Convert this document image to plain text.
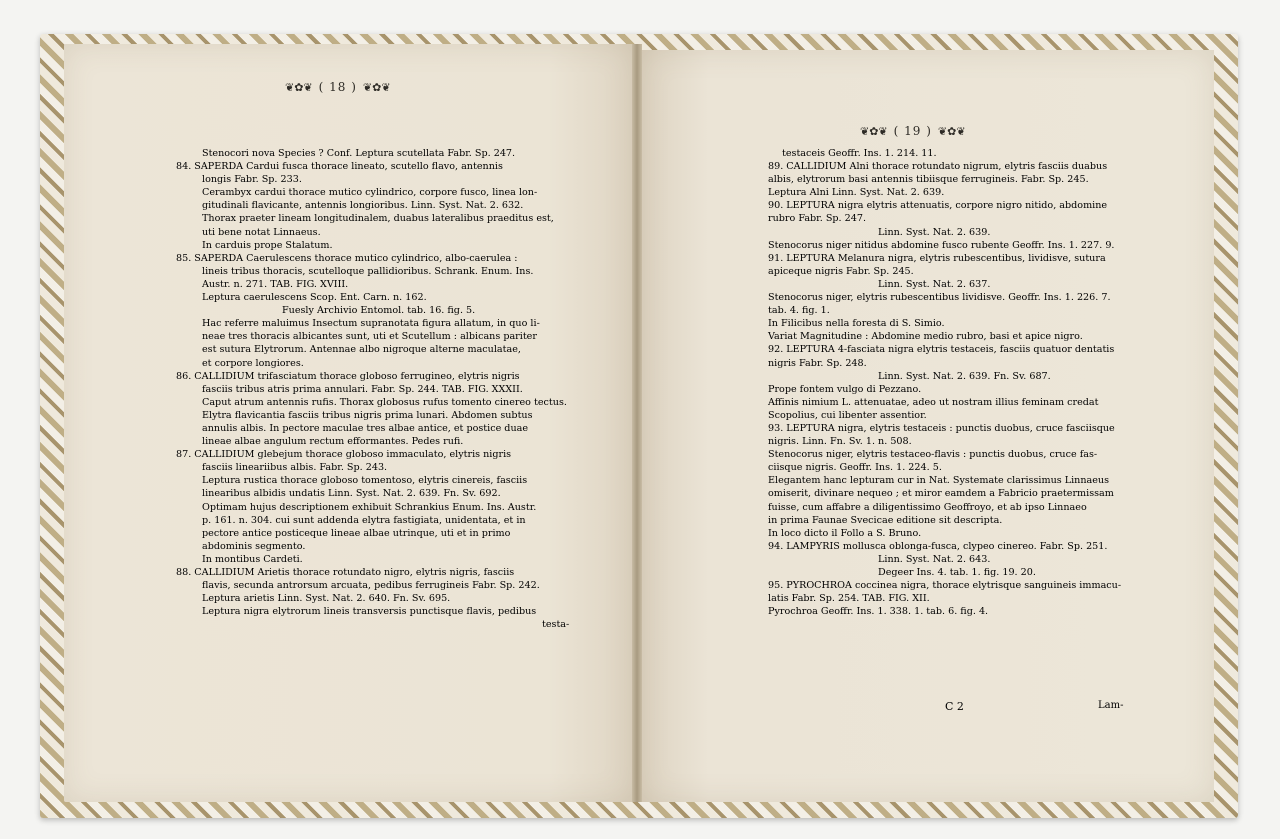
❦✿❦ ( 18 ) ❦✿❦
❦✿❦ ( 19 ) ❦✿❦
Stenocori nova Species ? Conf. Leptura scutellata Fabr. Sp. 247.
84. SAPERDA Cardui fusca thorace lineato, scutello flavo, antennis
longis Fabr. Sp. 233.
Cerambyx cardui thorace mutico cylindrico, corpore fusco, linea lon-
gitudinali flavicante, antennis longioribus. Linn. Syst. Nat. 2. 632.
Thorax praeter lineam longitudinalem, duabus lateralibus praeditus est,
uti bene notat Linnaeus.
In carduis prope Stalatum.
85. SAPERDA Caerulescens thorace mutico cylindrico, albo-caerulea :
lineis tribus thoracis, scutelloque pallidioribus. Schrank. Enum. Ins.
Austr. n. 271. TAB. FIG. XVIII.
Leptura caerulescens Scop. Ent. Carn. n. 162.
Fuesly Archivio Entomol. tab. 16. fig. 5.
Hac referre maluimus Insectum supranotata figura allatum, in quo li-
neae tres thoracis albicantes sunt, uti et Scutellum : albicans pariter
est sutura Elytrorum. Antennae albo nigroque alterne maculatae,
et corpore longiores.
86. CALLIDIUM trifasciatum thorace globoso ferrugineo, elytris nigris
fasciis tribus atris prima annulari. Fabr. Sp. 244. TAB. FIG. XXXII.
Caput atrum antennis rufis. Thorax globosus rufus tomento cinereo tectus.
Elytra flavicantia fasciis tribus nigris prima lunari. Abdomen subtus
annulis albis. In pectore maculae tres albae antice, et postice duae
lineae albae angulum rectum efformantes. Pedes rufi.
87. CALLIDIUM glebejum thorace globoso immaculato, elytris nigris
fasciis lineariibus albis. Fabr. Sp. 243.
Leptura rustica thorace globoso tomentoso, elytris cinereis, fasciis
linearibus albidis undatis Linn. Syst. Nat. 2. 639. Fn. Sv. 692.
Optimam hujus descriptionem exhibuit Schrankius Enum. Ins. Austr.
p. 161. n. 304. cui sunt addenda elytra fastigiata, unidentata, et in
pectore antice posticeque lineae albae utrinque, uti et in primo
abdominis segmento.
In montibus Cardeti.
88. CALLIDIUM Arietis thorace rotundato nigro, elytris nigris, fasciis
flavis, secunda antrorsum arcuata, pedibus ferrugineis Fabr. Sp. 242.
Leptura arietis Linn. Syst. Nat. 2. 640. Fn. Sv. 695.
Leptura nigra elytrorum lineis transversis punctisque flavis, pedibus
testa-
testaceis Geoffr. Ins. 1. 214. 11.
89. CALLIDIUM Alni thorace rotundato nigrum, elytris fasciis duabus
albis, elytrorum basi antennis tibiisque ferrugineis. Fabr. Sp. 245.
Leptura Alni Linn. Syst. Nat. 2. 639.
90. LEPTURA nigra elytris attenuatis, corpore nigro nitido, abdomine
rubro Fabr. Sp. 247.
Linn. Syst. Nat. 2. 639.
Stenocorus niger nitidus abdomine fusco rubente Geoffr. Ins. 1. 227. 9.
91. LEPTURA Melanura nigra, elytris rubescentibus, lividisve, sutura
apiceque nigris Fabr. Sp. 245.
Linn. Syst. Nat. 2. 637.
Stenocorus niger, elytris rubescentibus lividisve. Geoffr. Ins. 1. 226. 7.
tab. 4. fig. 1.
In Filicibus nella foresta di S. Simio.
Variat Magnitudine : Abdomine medio rubro, basi et apice nigro.
92. LEPTURA 4-fasciata nigra elytris testaceis, fasciis quatuor dentatis
nigris Fabr. Sp. 248.
Linn. Syst. Nat. 2. 639. Fn. Sv. 687.
Prope fontem vulgo di Pezzano.
Affinis nimium L. attenuatae, adeo ut nostram illius feminam credat
Scopolius, cui libenter assentior.
93. LEPTURA nigra, elytris testaceis : punctis duobus, cruce fasciisque
nigris. Linn. Fn. Sv. 1. n. 508.
Stenocorus niger, elytris testaceo-flavis : punctis duobus, cruce fas-
ciisque nigris. Geoffr. Ins. 1. 224. 5.
Elegantem hanc lepturam cur in Nat. Systemate clarissimus Linnaeus
omiserit, divinare nequeo ; et miror eamdem a Fabricio praetermissam
fuisse, cum affabre a diligentissimo Geoffroyo, et ab ipso Linnaeo
in prima Faunae Svecicae editione sit descripta.
In loco dicto il Follo a S. Bruno.
94. LAMPYRIS mollusca oblonga-fusca, clypeo cinereo. Fabr. Sp. 251.
Linn. Syst. Nat. 2. 643.
Degeer Ins. 4. tab. 1. fig. 19. 20.
95. PYROCHROA coccinea nigra, thorace elytrisque sanguineis immacu-
latis Fabr. Sp. 254. TAB. FIG. XII.
Pyrochroa Geoffr. Ins. 1. 338. 1. tab. 6. fig. 4.
C 2	Lam-
